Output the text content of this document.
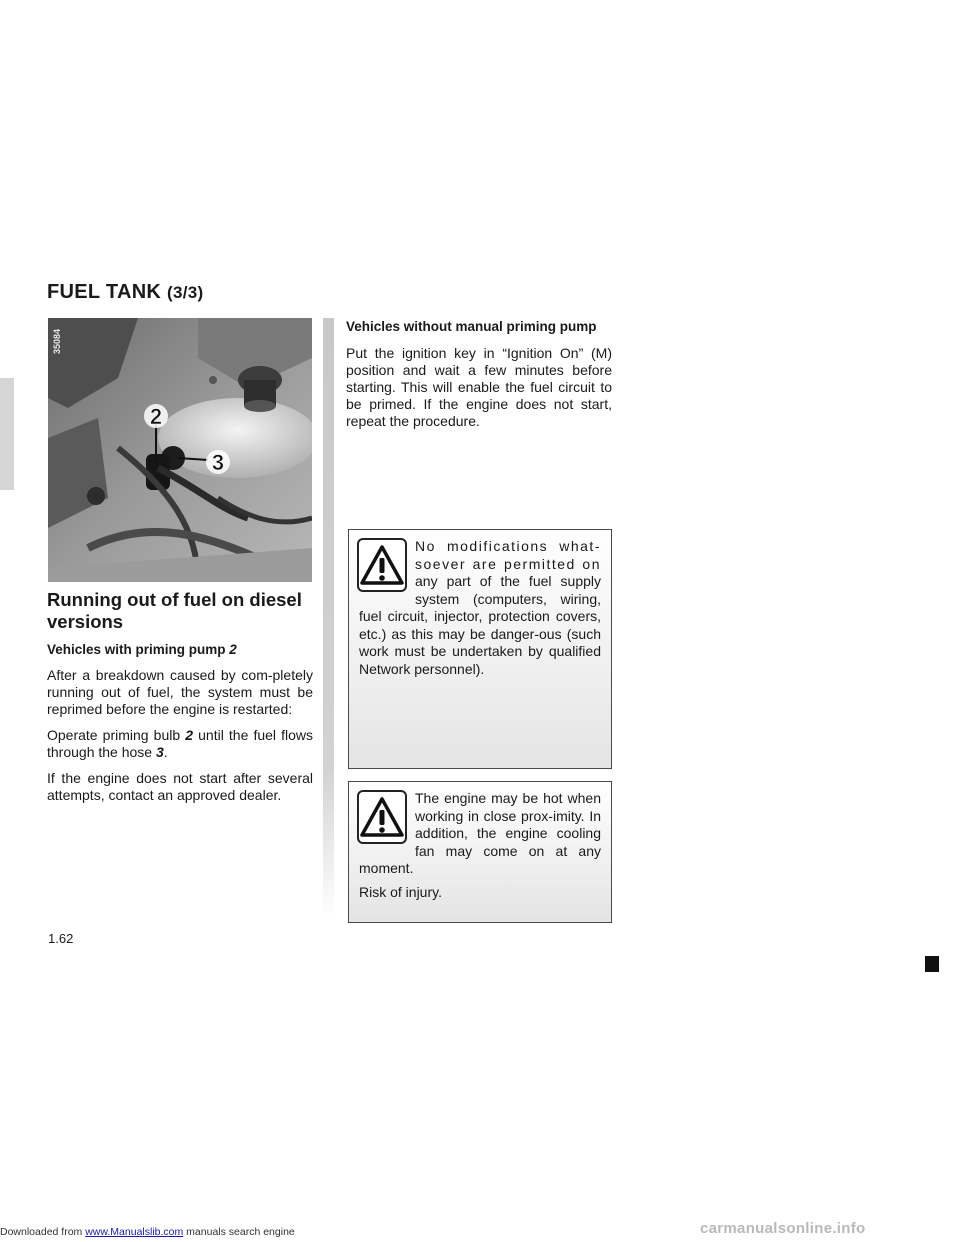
FUEL TANK (3/3)
2
3
35084
Running out of fuel on diesel versions
Vehicles with priming pump 2

After a breakdown caused by com-pletely running out of fuel, the system must be reprimed before the engine is restarted:

Operate priming bulb 2 until the fuel flows through the hose 3.

If the engine does not start after several attempts, contact an approved dealer.

Vehicles without manual priming pump

Put the ignition key in “Ignition On” (M) position and wait a few minutes before starting. This will enable the fuel circuit to be primed. If the engine does not start, repeat the procedure.

No modifications what-soever are permitted on any part of the fuel supply system (computers, wiring, fuel circuit, injector, protection covers, etc.) as this may be danger-ous (such work must be undertaken by qualified Network personnel).

The engine may be hot when working in close prox-imity. In addition, the engine cooling fan may come on at any moment.

Risk of injury.

1.62
Downloaded from www.Manualslib.com manuals search engine	carmanualsonline.info
